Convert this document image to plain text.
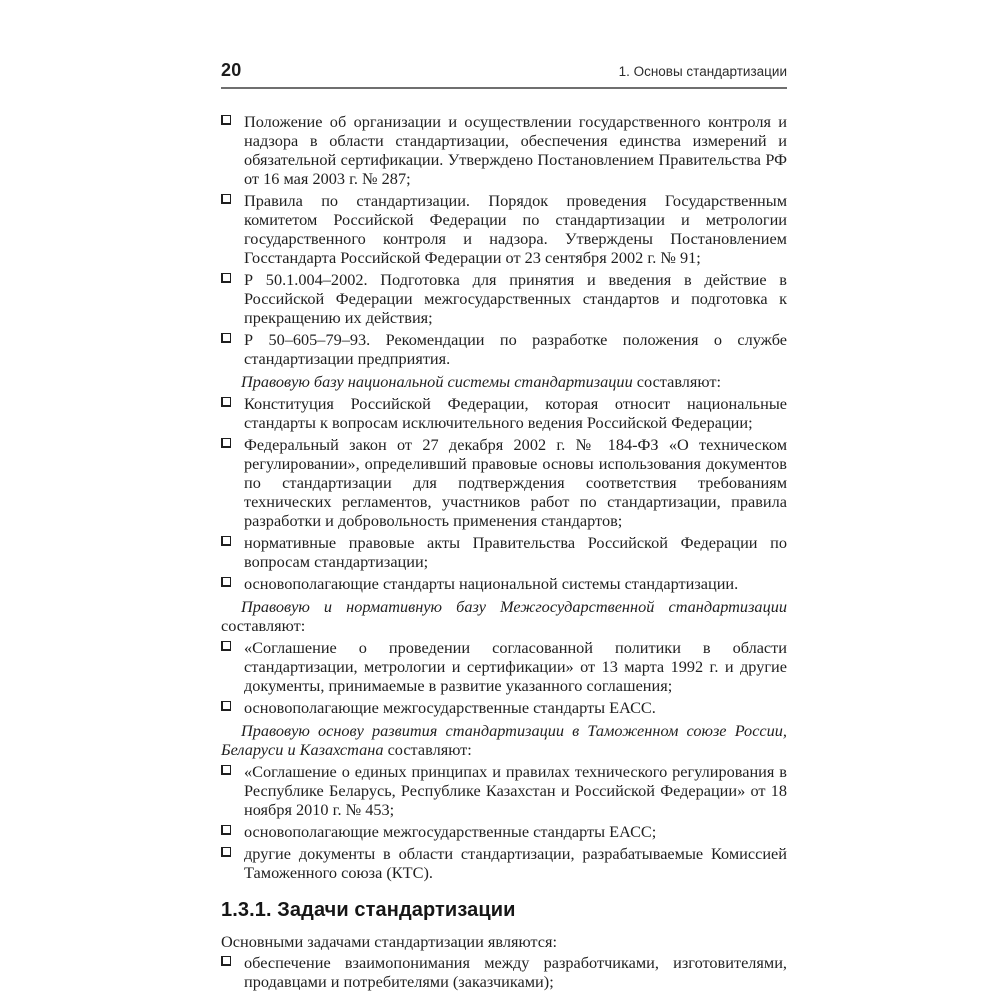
20	1. Основы стандартизации
Положение об организации и осуществлении государственного контроля и надзора в области стандартизации, обеспечения единства измерений и обязательной сертификации. Утверждено Постановлением Правительства РФ от 16 мая 2003 г. № 287;
Правила по стандартизации. Порядок проведения Государственным комитетом Российской Федерации по стандартизации и метрологии государственного контроля и надзора. Утверждены Постановлением Госстандарта Российской Федерации от 23 сентября 2002 г. № 91;
Р 50.1.004–2002. Подготовка для принятия и введения в действие в Российской Федерации межгосударственных стандартов и подготовка к прекращению их действия;
Р 50–605–79–93. Рекомендации по разработке положения о службе стандартизации предприятия.

Правовую базу национальной системы стандартизации составляют:

Конституция Российской Федерации, которая относит национальные стандарты к вопросам исключительного ведения Российской Федерации;
Федеральный закон от 27 декабря 2002 г. № 184-ФЗ «О техническом регулировании», определивший правовые основы использования документов по стандартизации для подтверждения соответствия требованиям технических регламентов, участников работ по стандартизации, правила разработки и добровольность применения стандартов;
нормативные правовые акты Правительства Российской Федерации по вопросам стандартизации;
основополагающие стандарты национальной системы стандартизации.

Правовую и нормативную базу Межгосударственной стандартизации составляют:

«Соглашение о проведении согласованной политики в области стандартизации, метрологии и сертификации» от 13 марта 1992 г. и другие документы, принимаемые в развитие указанного соглашения;
основополагающие межгосударственные стандарты ЕАСС.

Правовую основу развития стандартизации в Таможенном союзе России, Беларуси и Казахстана составляют:

«Соглашение о единых принципах и правилах технического регулирования в Республике Беларусь, Республике Казахстан и Российской Федерации» от 18 ноября 2010 г. № 453;
основополагающие межгосударственные стандарты ЕАСС;
другие документы в области стандартизации, разрабатываемые Комиссией Таможенного союза (КТС).
1.3.1. Задачи стандартизации

Основными задачами стандартизации являются:

обеспечение взаимопонимания между разработчиками, изготовителями, продавцами и потребителями (заказчиками);
